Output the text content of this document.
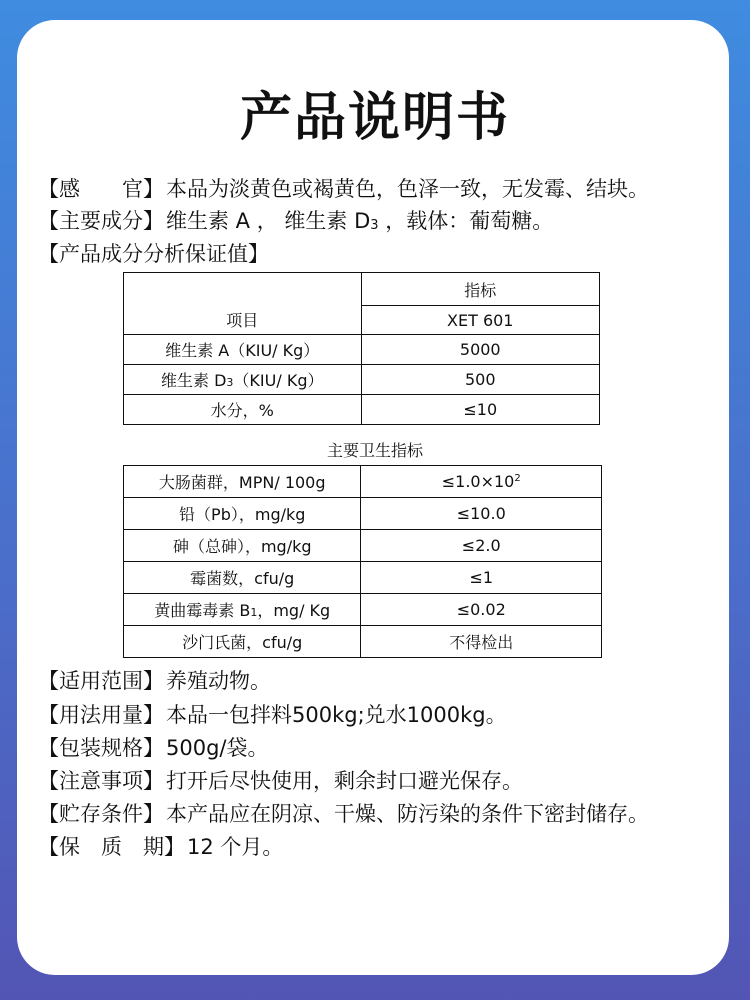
产品说明书
【感　　官】本品为淡黄色或褐黄色，色泽一致，无发霉、结块。
【主要成分】维生素 A ， 维生素 D3 ，载体：葡萄糖。
【产品成分分析保证值】
项目	指标
	XET 601
维生素 A（KIU/ Kg）	5000
维生素 D3（KIU/ Kg）	500
水分，%	≤10
主要卫生指标
大肠菌群，MPN/ 100g	$\le 1.0\times 10^2$
铅（Pb），mg/kg	≤10.0
砷（总砷），mg/kg	≤2.0
霉菌数，cfu/g	≤1
黄曲霉毒素 B1，mg/ Kg	≤0.02
沙门氏菌，cfu/g	不得检出
【适用范围】养殖动物。
【用法用量】本品一包拌料500kg;兑水1000kg。
【包装规格】500g/袋。
【注意事项】打开后尽快使用，剩余封口避光保存。
【贮存条件】本产品应在阴凉、干燥、防污染的条件下密封储存。
【保　质　期】12 个月。
